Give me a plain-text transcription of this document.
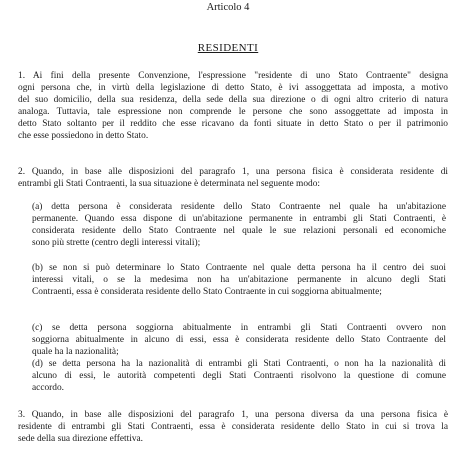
Articolo 4
RESIDENTI
1. Ai fini della presente Convenzione, l'espressione "residente di uno Stato Contraente" designa
ogni persona che, in virtù della legislazione di detto Stato, è ivi assoggettata ad imposta, a motivo
del suo domicilio, della sua residenza, della sede della sua direzione o di ogni altro criterio di natura
analoga. Tuttavia, tale espressione non comprende le persone che sono assoggettate ad imposta in
detto Stato soltanto per il reddito che esse ricavano da fonti situate in detto Stato o per il patrimonio
che esse possiedono in detto Stato.
2. Quando, in base alle disposizioni del paragrafo 1, una persona fisica è considerata residente di
entrambi gli Stati Contraenti, la sua situazione è determinata nel seguente modo:
(a) detta persona è considerata residente dello Stato Contraente nel quale ha un'abitazione
permanente. Quando essa dispone di un'abitazione permanente in entrambi gli Stati Contraenti, è
considerata residente dello Stato Contraente nel quale le sue relazioni personali ed economiche
sono più strette (centro degli interessi vitali);
(b) se non si può determinare lo Stato Contraente nel quale detta persona ha il centro dei suoi
interessi vitali, o se la medesima non ha un'abitazione permanente in alcuno degli Stati
Contraenti, essa è considerata residente dello Stato Contraente in cui soggiorna abitualmente;
(c) se detta persona soggiorna abitualmente in entrambi gli Stati Contraenti ovvero non
soggiorna abitualmente in alcuno di essi, essa è considerata residente dello Stato Contraente del
quale ha la nazionalità;
(d) se detta persona ha la nazionalità di entrambi gli Stati Contraenti, o non ha la nazionalità di
alcuno di essi, le autorità competenti degli Stati Contraenti risolvono la questione di comune
accordo.
3. Quando, in base alle disposizioni del paragrafo 1, una persona diversa da una persona fisica è
residente di entrambi gli Stati Contraenti, essa è considerata residente dello Stato in cui si trova la
sede della sua direzione effettiva.
